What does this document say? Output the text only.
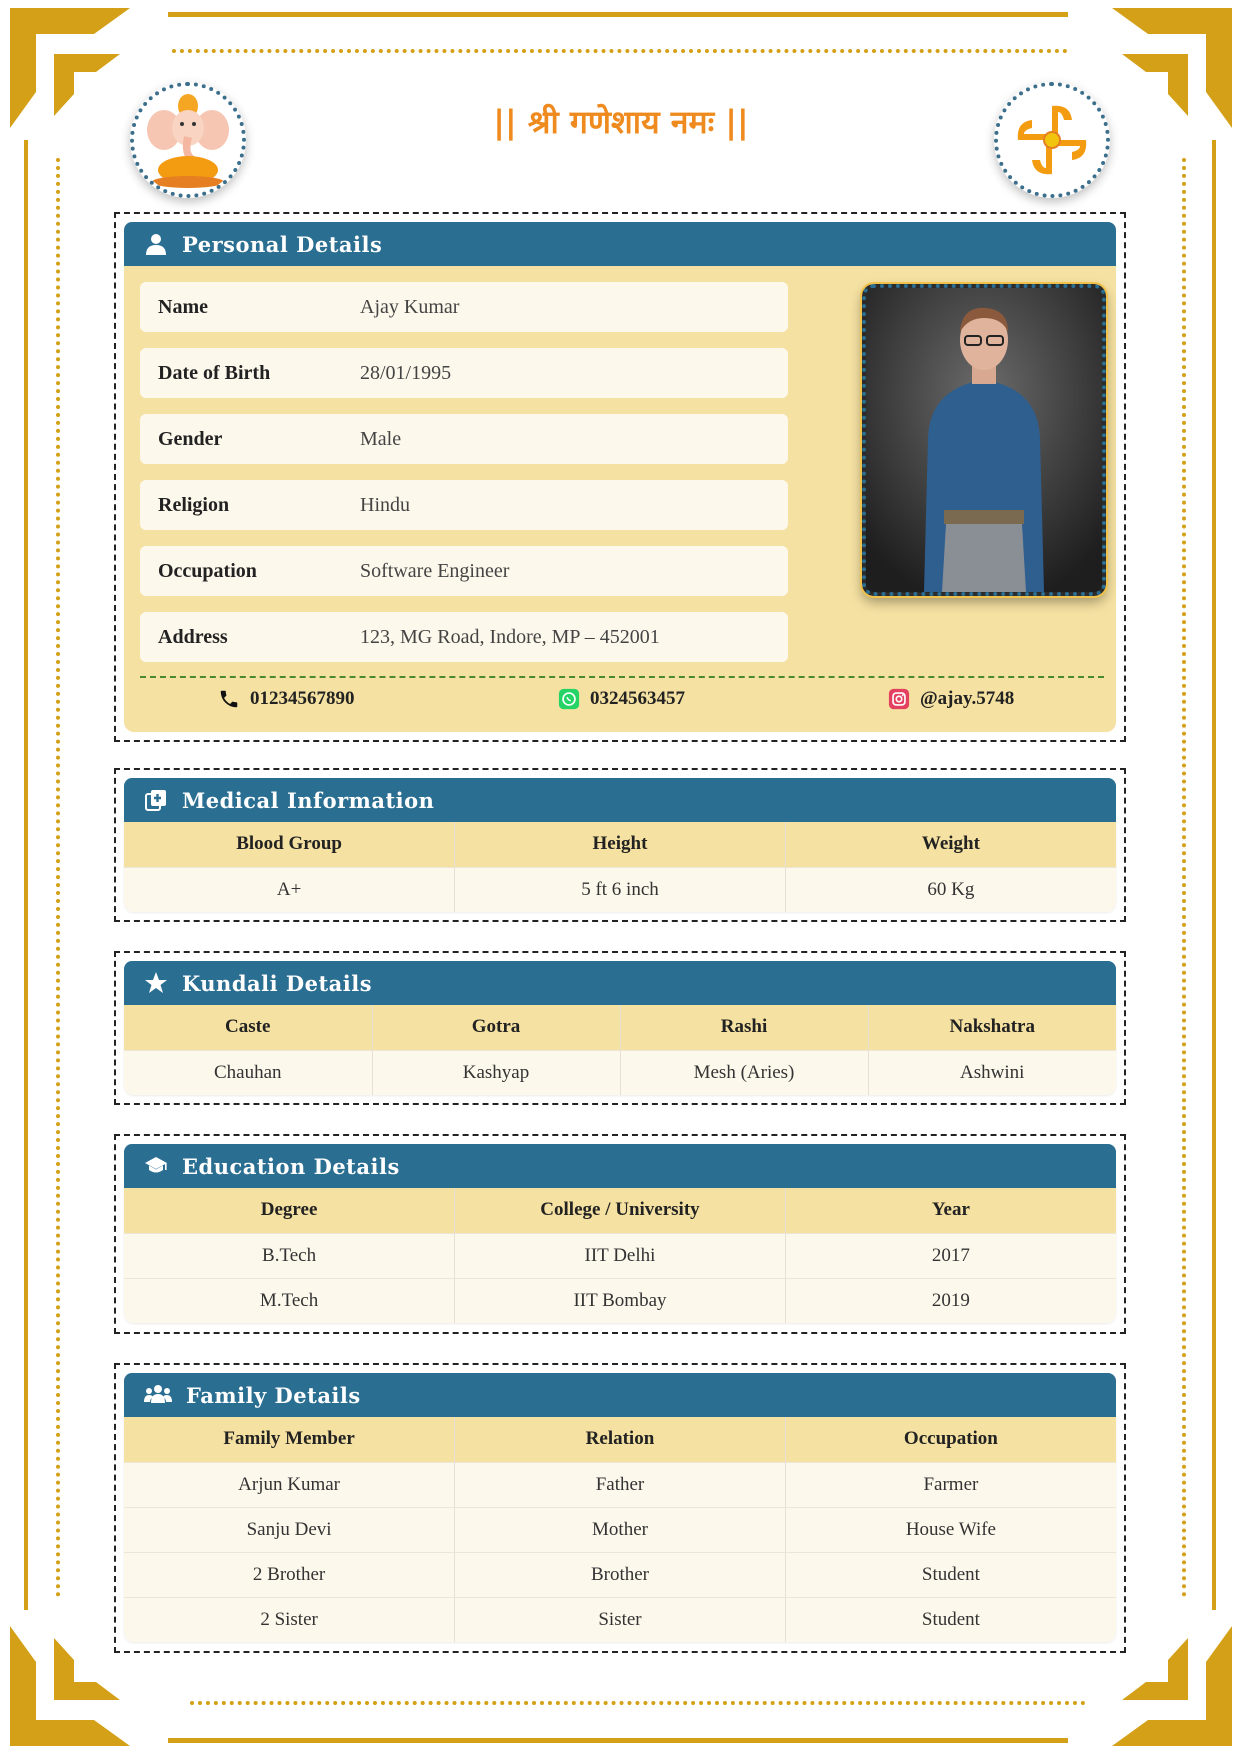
|| श्री गणेशाय नमः ||
Personal Details
Name	Ajay Kumar
Date of Birth	28/01/1995
Gender	Male
Religion	Hindu
Occupation	Software Engineer
Address	123, MG Road, Indore, MP – 452001
01234567890	0324563457	@ajay.5748
Medical Information
Blood Group	Height	Weight
A+	5 ft 6 inch	60 Kg
Kundali Details
Caste	Gotra	Rashi	Nakshatra
Chauhan	Kashyap	Mesh (Aries)	Ashwini
Education Details
Degree	College / University	Year
B.Tech	IIT Delhi	2017
M.Tech	IIT Bombay	2019
Family Details
Family Member	Relation	Occupation
Arjun Kumar	Father	Farmer
Sanju Devi	Mother	House Wife
2 Brother	Brother	Student
2 Sister	Sister	Student
